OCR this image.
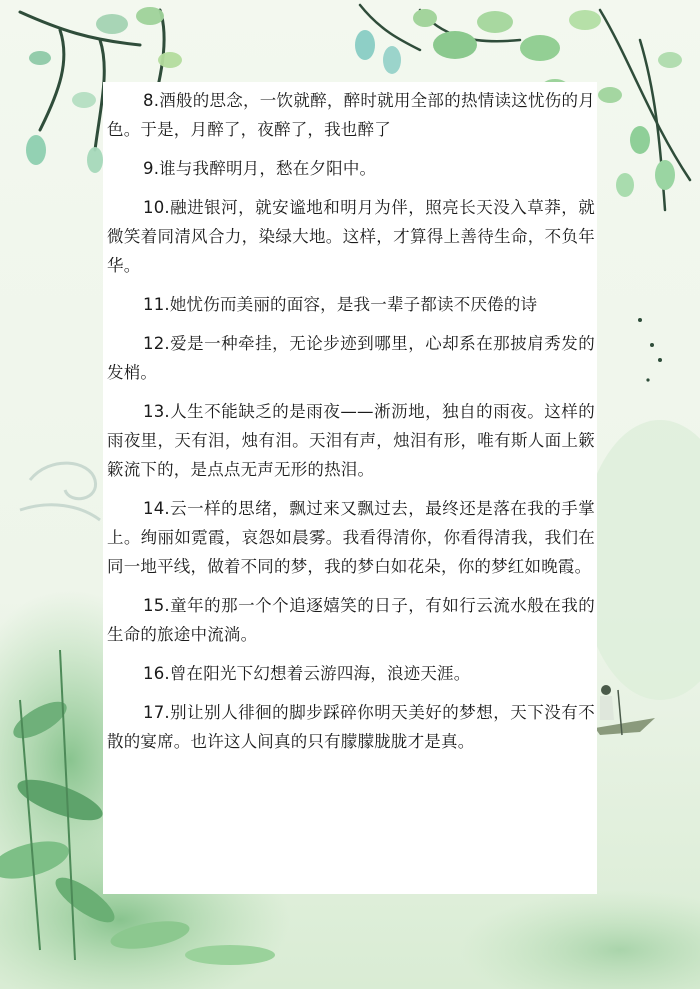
8.酒般的思念，一饮就醉，醉时就用全部的热情读这忧伤的月色。于是，月醉了，夜醉了，我也醉了

9.谁与我醉明月，愁在夕阳中。

10.融进银河，就安谧地和明月为伴，照亮长天没入草莽，就微笑着同清风合力，染绿大地。这样，才算得上善待生命，不负年华。

11.她忧伤而美丽的面容，是我一辈子都读不厌倦的诗

12.爱是一种牵挂，无论步迹到哪里，心却系在那披肩秀发的发梢。

13.人生不能缺乏的是雨夜——淅沥地，独自的雨夜。这样的雨夜里，天有泪，烛有泪。天泪有声，烛泪有形，唯有斯人面上簌簌流下的，是点点无声无形的热泪。

14.云一样的思绪，飘过来又飘过去，最终还是落在我的手掌上。绚丽如霓霞，哀怨如晨雾。我看得清你，你看得清我，我们在同一地平线，做着不同的梦，我的梦白如花朵，你的梦红如晚霞。

15.童年的那一个个追逐嬉笑的日子，有如行云流水般在我的生命的旅途中流淌。

16.曾在阳光下幻想着云游四海，浪迹天涯。

17.别让别人徘徊的脚步踩碎你明天美好的梦想，天下没有不散的宴席。也许这人间真的只有朦朦胧胧才是真。
